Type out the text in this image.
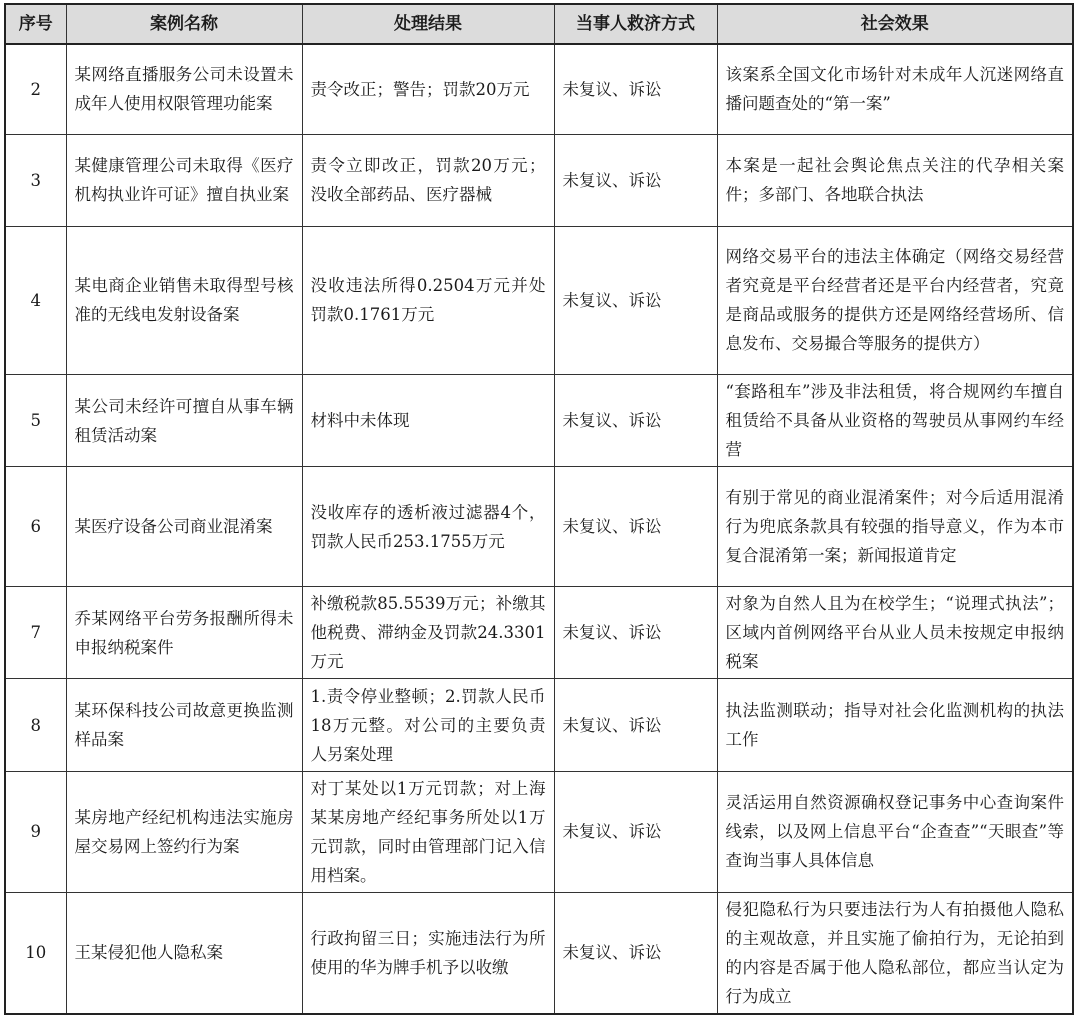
序号	案例名称	处理结果	当事人救济方式	社会效果
2	某网络直播服务公司未设置未成年人使用权限管理功能案	责令改正；警告；罚款20万元	未复议、诉讼	该案系全国文化市场针对未成年人沉迷网络直播问题查处的“第一案”
3	某健康管理公司未取得《医疗机构执业许可证》擅自执业案	责令立即改正，罚款20万元；没收全部药品、医疗器械	未复议、诉讼	本案是一起社会舆论焦点关注的代孕相关案件；多部门、各地联合执法
4	某电商企业销售未取得型号核准的无线电发射设备案	没收违法所得0.2504万元并处罚款0.1761万元	未复议、诉讼	网络交易平台的违法主体确定（网络交易经营者究竟是平台经营者还是平台内经营者，究竟是商品或服务的提供方还是网络经营场所、信息发布、交易撮合等服务的提供方）
5	某公司未经许可擅自从事车辆租赁活动案	材料中未体现	未复议、诉讼	“套路租车”涉及非法租赁，将合规网约车擅自租赁给不具备从业资格的驾驶员从事网约车经营
6	某医疗设备公司商业混淆案	没收库存的透析液过滤器4个，罚款人民币253.1755万元	未复议、诉讼	有别于常见的商业混淆案件；对今后适用混淆行为兜底条款具有较强的指导意义，作为本市复合混淆第一案；新闻报道肯定
7	乔某网络平台劳务报酬所得未申报纳税案件	补缴税款85.5539万元；补缴其他税费、滞纳金及罚款24.3301万元	未复议、诉讼	对象为自然人且为在校学生；“说理式执法”；区域内首例网络平台从业人员未按规定申报纳税案
8	某环保科技公司故意更换监测样品案	1.责令停业整顿；2.罚款人民币18万元整。对公司的主要负责人另案处理	未复议、诉讼	执法监测联动；指导对社会化监测机构的执法工作
9	某房地产经纪机构违法实施房屋交易网上签约行为案	对丁某处以1万元罚款；对上海某某房地产经纪事务所处以1万元罚款，同时由管理部门记入信用档案。	未复议、诉讼	灵活运用自然资源确权登记事务中心查询案件线索，以及网上信息平台“企查查”“天眼查”等查询当事人具体信息
10	王某侵犯他人隐私案	行政拘留三日；实施违法行为所使用的华为牌手机予以收缴	未复议、诉讼	侵犯隐私行为只要违法行为人有拍摄他人隐私的主观故意，并且实施了偷拍行为，无论拍到的内容是否属于他人隐私部位，都应当认定为行为成立
